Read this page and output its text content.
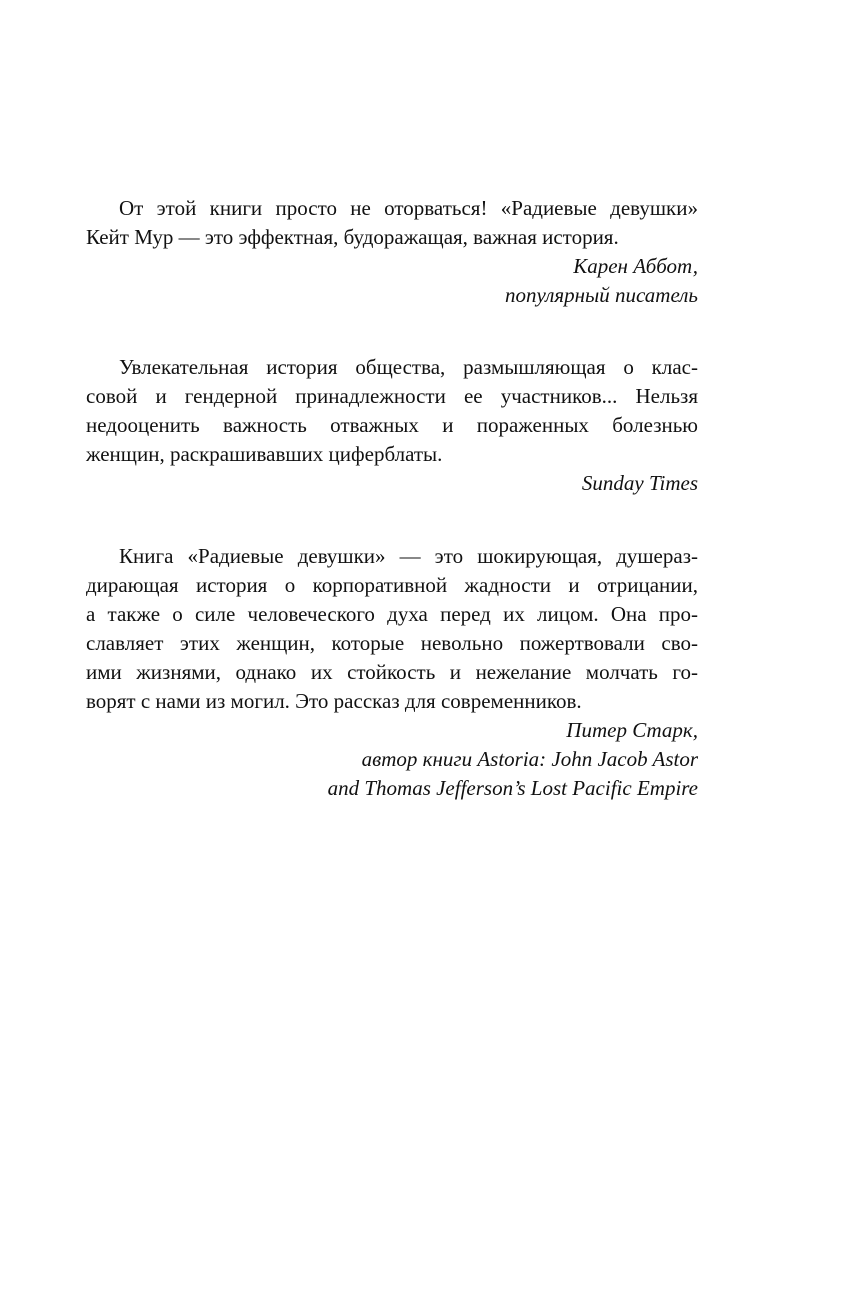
От этой книги просто не оторваться! «Радиевые девушки»
Кейт Мур — это эффектная, будоражащая, важная история.
Карен Аббот,
популярный писатель
Увлекательная история общества, размышляющая о клас-
совой и гендерной принадлежности ее участников... Нельзя
недооценить важность отважных и пораженных болезнью
женщин, раскрашивавших циферблаты.
Sunday Times
Книга «Радиевые девушки» — это шокирующая, душераз-
дирающая история о корпоративной жадности и отрицании,
а также о силе человеческого духа перед их лицом. Она про-
славляет этих женщин, которые невольно пожертвовали сво-
ими жизнями, однако их стойкость и нежелание молчать го-
ворят с нами из могил. Это рассказ для современников.
Питер Старк,
автор книги Astoria: John Jacob Astor
and Thomas Jefferson’s Lost Pacific Empire
